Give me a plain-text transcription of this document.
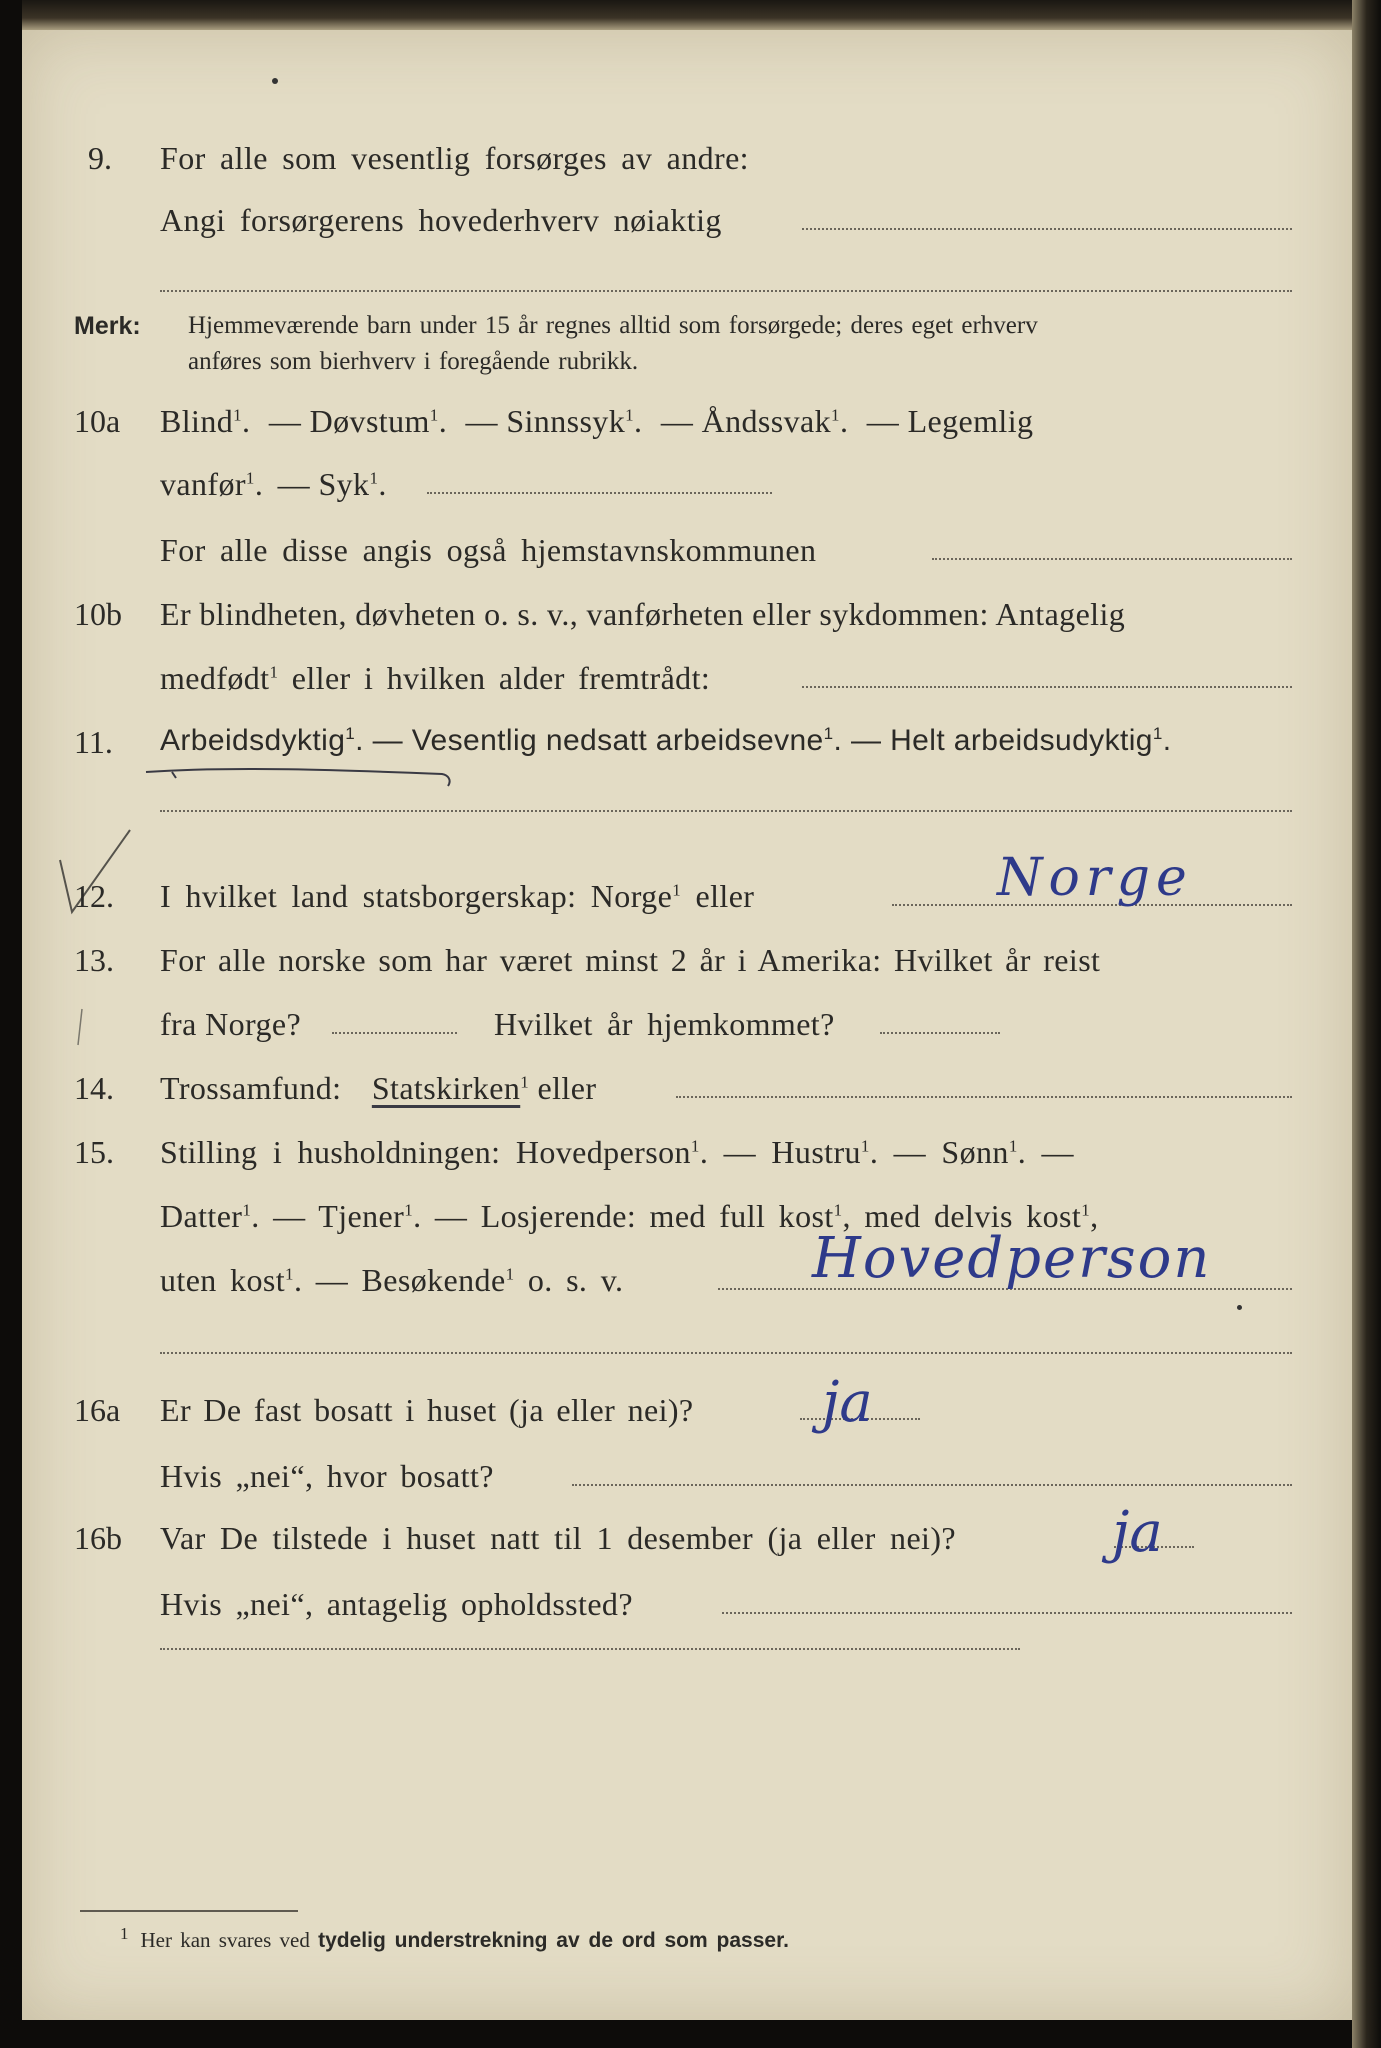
9. For alle som vesentlig forsørges av andre:
Angi forsørgerens hovederhverv nøiaktig
Merk: Hjemmeværende barn under 15 år regnes alltid som forsørgede; deres eget erhverv
anføres som bierhverv i foregående rubrikk.
10a Blind$^1$. — Døvstum$^1$. — Sinnssyk$^1$. — Åndssvak$^1$. — Legemlig
vanfør$^1$. — Syk$^1$.
For alle disse angis også hjemstavnskommunen
10b Er blindheten, døvheten o. s. v., vanførheten eller sykdommen: Antagelig
medfødt$^1$ eller i hvilken alder fremtrådt:
11. Arbeidsdyktig$^1$. — Vesentlig nedsatt arbeidsevne$^1$. — Helt arbeidsudyktig$^1$.
12. I hvilket land statsborgerskap: Norge$^1$ eller	Norge
13. For alle norske som har været minst 2 år i Amerika: Hvilket år reist
fra Norge?	Hvilket år hjemkommet?
14. Trossamfund: Statskirken$^1$ eller
15. Stilling i husholdningen: Hovedperson$^1$. — Hustru$^1$. — Sønn$^1$. —
Datter$^1$. — Tjener$^1$. — Losjerende: med full kost$^1$, med delvis kost$^1$,
uten kost$^1$. — Besøkende$^1$ o. s. v.	Hovedperson
16a Er De fast bosatt i huset (ja eller nei)? ja
Hvis „nei“, hvor bosatt?
16b Var De tilstede i huset natt til 1 desember (ja eller nei)?	ja
Hvis „nei“, antagelig opholdssted?
$^1$ Her kan svares ved tydelig understrekning av de ord som passer.
